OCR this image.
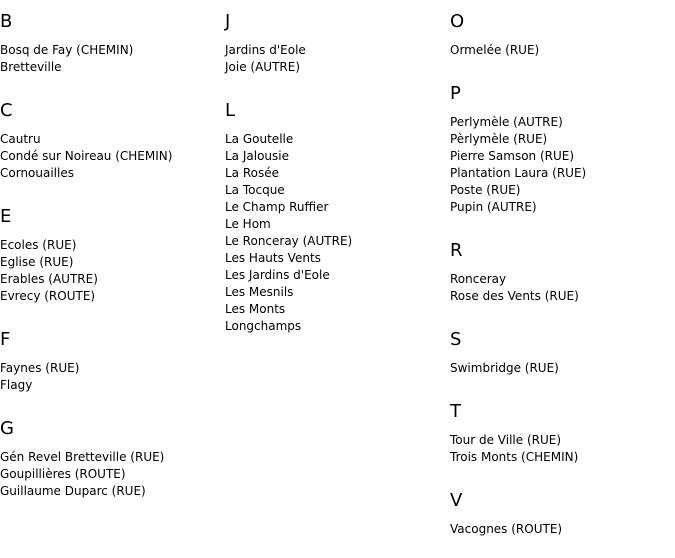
B
Bosq de Fay (CHEMIN)
Bretteville
C
Cautru
Condé sur Noireau (CHEMIN)
Cornouailles
E
Ecoles (RUE)
Eglise (RUE)
Erables (AUTRE)
Evrecy (ROUTE)
F
Faynes (RUE)
Flagy
G
Gén Revel Bretteville (RUE)
Goupillières (ROUTE)
Guillaume Duparc (RUE)
J
Jardins d'Eole
Joie (AUTRE)
L
La Goutelle
La Jalousie
La Rosée
La Tocque
Le Champ Ruffier
Le Hom
Le Ronceray (AUTRE)
Les Hauts Vents
Les Jardins d'Eole
Les Mesnils
Les Monts
Longchamps
O
Ormelée (RUE)
P
Perlymèle (AUTRE)
Pèrlymèle (RUE)
Pierre Samson (RUE)
Plantation Laura (RUE)
Poste (RUE)
Pupin (AUTRE)
R
Ronceray
Rose des Vents (RUE)
S
Swimbridge (RUE)
T
Tour de Ville (RUE)
Trois Monts (CHEMIN)
V
Vacognes (ROUTE)
